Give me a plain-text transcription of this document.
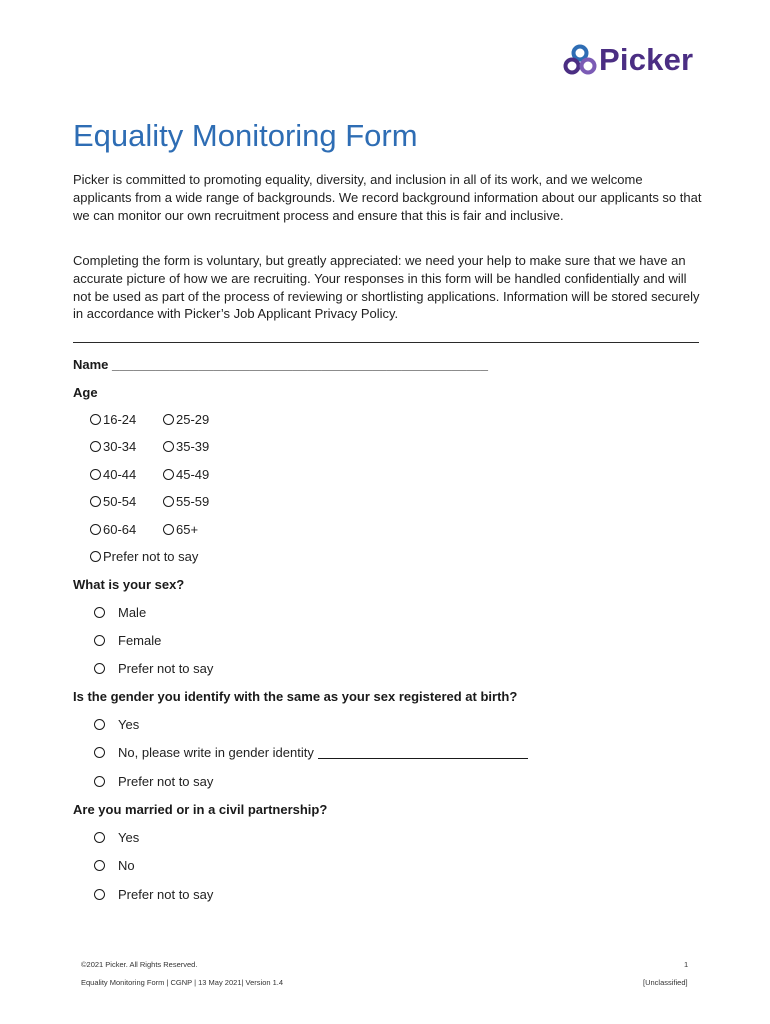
Picker
Equality Monitoring Form

Picker is committed to promoting equality, diversity, and inclusion in all of its work, and we welcome applicants from a wide range of backgrounds. We record background information about our applicants so that we can monitor our own recruitment process and ensure that this is fair and inclusive.

Completing the form is voluntary, but greatly appreciated: we need your help to make sure that we have an accurate picture of how we are recruiting. Your responses in this form will be handled confidentially and will not be used as part of the process of reviewing or shortlisting applications. Information will be stored securely in accordance with Picker’s Job Applicant Privacy Policy.

Name ____________________________________________________
Age
16-24	25-29
30-34	35-39
40-44	45-49
50-54	55-59
60-64	65+
Prefer not to say
What is your sex?
Male
Female
Prefer not to say
Is the gender you identify with the same as your sex registered at birth?
Yes
No, please write in gender identity
Prefer not to say
Are you married or in a civil partnership?
Yes
No
Prefer not to say
©2021 Picker. All Rights Reserved.	1
Equality Monitoring Form | CGNP | 13 May 2021| Version 1.4	[Unclassified]
